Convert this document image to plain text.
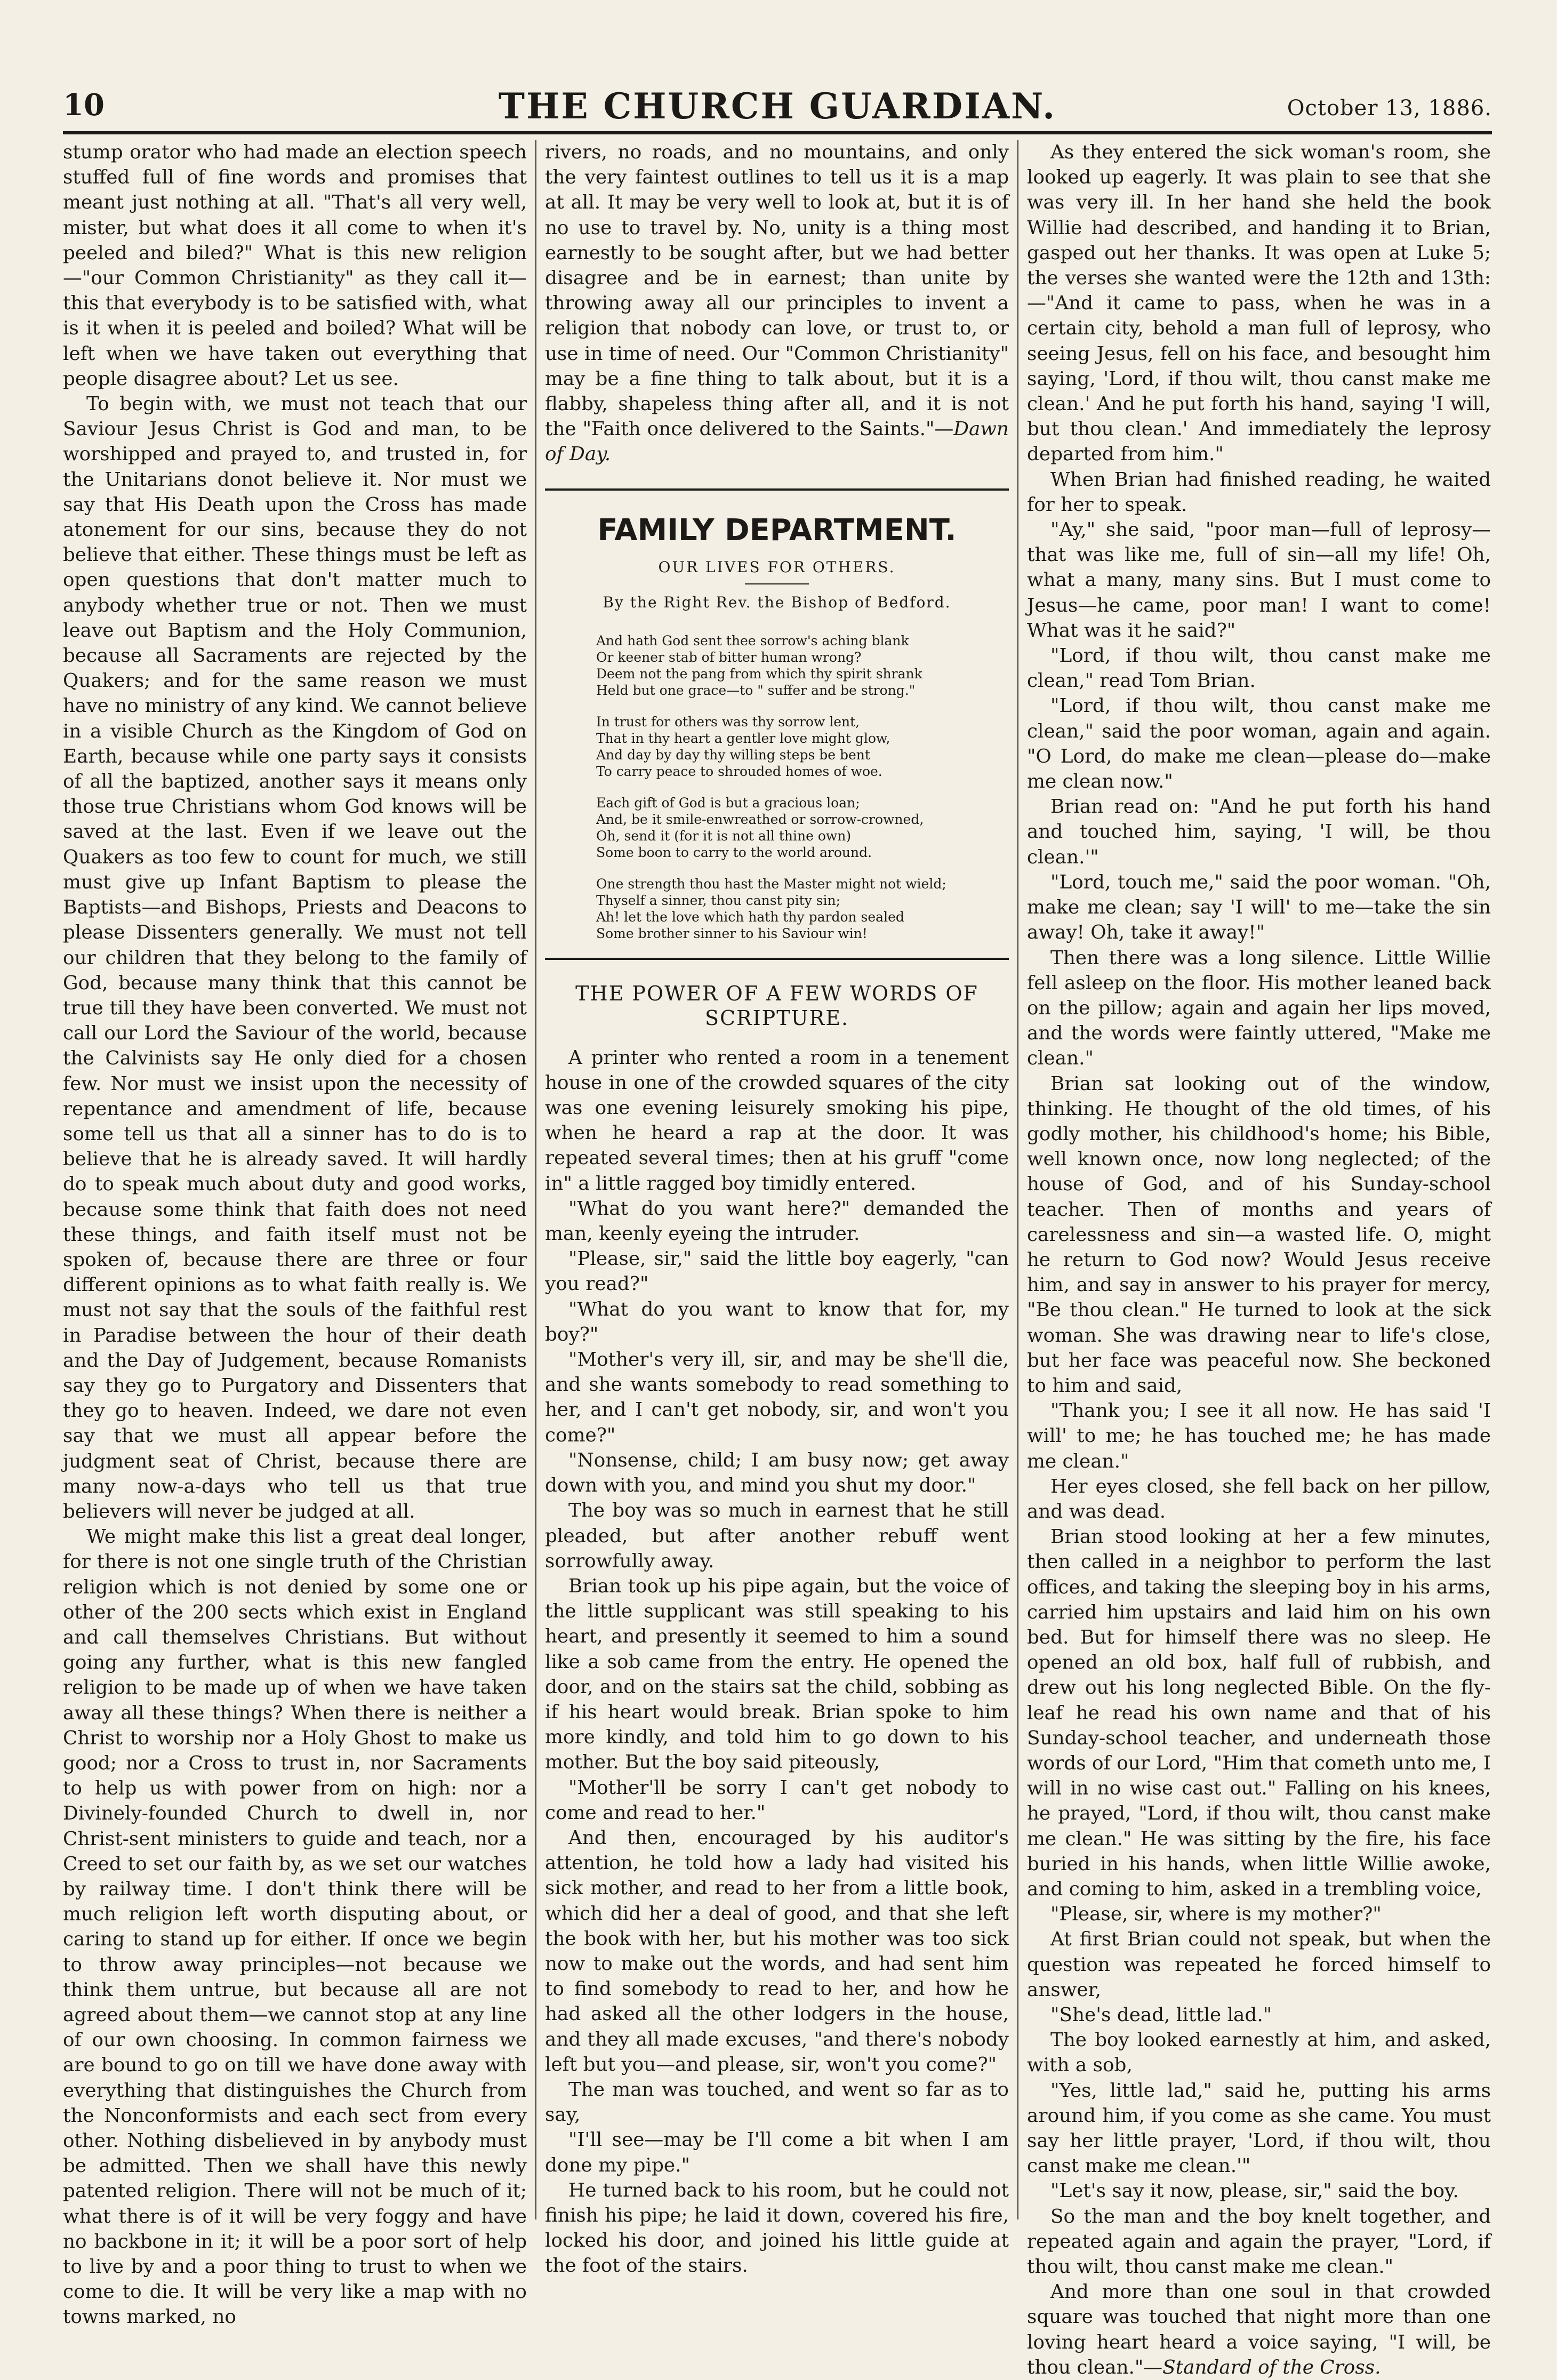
10	THE CHURCH GUARDIAN.	October 13, 1886.

stump orator who had made an election speech stuffed full of fine words and promises that meant just nothing at all. "That's all very well, mister, but what does it all come to when it's peeled and biled?" What is this new religion—"our Common Christianity" as they call it—this that everybody is to be satisfied with, what is it when it is peeled and boiled? What will be left when we have taken out everything that people disagree about? Let us see.

To begin with, we must not teach that our Saviour Jesus Christ is God and man, to be worshipped and prayed to, and trusted in, for the Unitarians donot believe it. Nor must we say that His Death upon the Cross has made atonement for our sins, because they do not believe that either. These things must be left as open questions that don't matter much to anybody whether true or not. Then we must leave out Baptism and the Holy Communion, because all Sacraments are rejected by the Quakers; and for the same reason we must have no ministry of any kind. We cannot believe in a visible Church as the Kingdom of God on Earth, because while one party says it consists of all the baptized, another says it means only those true Christians whom God knows will be saved at the last. Even if we leave out the Quakers as too few to count for much, we still must give up Infant Baptism to please the Baptists—and Bishops, Priests and Deacons to please Dissenters generally. We must not tell our children that they belong to the family of God, because many think that this cannot be true till they have been converted. We must not call our Lord the Saviour of the world, because the Calvinists say He only died for a chosen few. Nor must we insist upon the necessity of repentance and amendment of life, because some tell us that all a sinner has to do is to believe that he is already saved. It will hardly do to speak much about duty and good works, because some think that faith does not need these things, and faith itself must not be spoken of, because there are three or four different opinions as to what faith really is. We must not say that the souls of the faithful rest in Paradise between the hour of their death and the Day of Judgement, because Romanists say they go to Purgatory and Dissenters that they go to heaven. Indeed, we dare not even say that we must all appear before the judgment seat of Christ, because there are many now-a-days who tell us that true believers will never be judged at all.

We might make this list a great deal longer, for there is not one single truth of the Christian religion which is not denied by some one or other of the 200 sects which exist in England and call themselves Christians. But without going any further, what is this new fangled religion to be made up of when we have taken away all these things? When there is neither a Christ to worship nor a Holy Ghost to make us good; nor a Cross to trust in, nor Sacraments to help us with power from on high: nor a Divinely-founded Church to dwell in, nor Christ-sent ministers to guide and teach, nor a Creed to set our faith by, as we set our watches by railway time. I don't think there will be much religion left worth disputing about, or caring to stand up for either. If once we begin to throw away principles—not because we think them untrue, but because all are not agreed about them—we cannot stop at any line of our own choosing. In common fairness we are bound to go on till we have done away with everything that distinguishes the Church from the Nonconformists and each sect from every other. Nothing disbelieved in by anybody must be admitted. Then we shall have this newly patented religion. There will not be much of it; what there is of it will be very foggy and have no backbone in it; it will be a poor sort of help to live by and a poor thing to trust to when we come to die. It will be very like a map with no towns marked, no

rivers, no roads, and no mountains, and only the very faintest outlines to tell us it is a map at all. It may be very well to look at, but it is of no use to travel by. No, unity is a thing most earnestly to be sought after, but we had better disagree and be in earnest; than unite by throwing away all our principles to invent a religion that nobody can love, or trust to, or use in time of need. Our "Common Christianity" may be a fine thing to talk about, but it is a flabby, shapeless thing after all, and it is not the "Faith once delivered to the Saints."—Dawn of Day.

FAMILY DEPARTMENT.
OUR LIVES FOR OTHERS.
By the Right Rev. the Bishop of Bedford.
And hath God sent thee sorrow's aching blank
Or keener stab of bitter human wrong?
Deem not the pang from which thy spirit shrank
Held but one grace—to " suffer and be strong."
In trust for others was thy sorrow lent,
That in thy heart a gentler love might glow,
And day by day thy willing steps be bent
To carry peace to shrouded homes of woe.
Each gift of God is but a gracious loan;
And, be it smile-enwreathed or sorrow-crowned,
Oh, send it (for it is not all thine own)
Some boon to carry to the world around.
One strength thou hast the Master might not wield;
Thyself a sinner, thou canst pity sin;
Ah! let the love which hath thy pardon sealed
Some brother sinner to his Saviour win!
THE POWER OF A FEW WORDS OF
SCRIPTURE.

A printer who rented a room in a tenement house in one of the crowded squares of the city was one evening leisurely smoking his pipe, when he heard a rap at the door. It was repeated several times; then at his gruff "come in" a little ragged boy timidly entered.

"What do you want here?" demanded the man, keenly eyeing the intruder.

"Please, sir," said the little boy eagerly, "can you read?"

"What do you want to know that for, my boy?"

"Mother's very ill, sir, and may be she'll die, and she wants somebody to read something to her, and I can't get nobody, sir, and won't you come?"

"Nonsense, child; I am busy now; get away down with you, and mind you shut my door."

The boy was so much in earnest that he still pleaded, but after another rebuff went sorrowfully away.

Brian took up his pipe again, but the voice of the little supplicant was still speaking to his heart, and presently it seemed to him a sound like a sob came from the entry. He opened the door, and on the stairs sat the child, sobbing as if his heart would break. Brian spoke to him more kindly, and told him to go down to his mother. But the boy said piteously,

"Mother'll be sorry I can't get nobody to come and read to her."

And then, encouraged by his auditor's attention, he told how a lady had visited his sick mother, and read to her from a little book, which did her a deal of good, and that she left the book with her, but his mother was too sick now to make out the words, and had sent him to find somebody to read to her, and how he had asked all the other lodgers in the house, and they all made excuses, "and there's nobody left but you—and please, sir, won't you come?"

The man was touched, and went so far as to say,

"I'll see—may be I'll come a bit when I am done my pipe."

He turned back to his room, but he could not finish his pipe; he laid it down, covered his fire, locked his door, and joined his little guide at the foot of the stairs.

As they entered the sick woman's room, she looked up eagerly. It was plain to see that she was very ill. In her hand she held the book Willie had described, and handing it to Brian, gasped out her thanks. It was open at Luke 5; the verses she wanted were the 12th and 13th:—"And it came to pass, when he was in a certain city, behold a man full of leprosy, who seeing Jesus, fell on his face, and besought him saying, 'Lord, if thou wilt, thou canst make me clean.' And he put forth his hand, saying 'I will, but thou clean.' And immediately the leprosy departed from him."

When Brian had finished reading, he waited for her to speak.

"Ay," she said, "poor man—full of leprosy—that was like me, full of sin—all my life! Oh, what a many, many sins. But I must come to Jesus—he came, poor man! I want to come! What was it he said?"

"Lord, if thou wilt, thou canst make me clean," read Tom Brian.

"Lord, if thou wilt, thou canst make me clean," said the poor woman, again and again. "O Lord, do make me clean—please do—make me clean now."

Brian read on: "And he put forth his hand and touched him, saying, 'I will, be thou clean.'"

"Lord, touch me," said the poor woman. "Oh, make me clean; say 'I will' to me—take the sin away! Oh, take it away!"

Then there was a long silence. Little Willie fell asleep on the floor. His mother leaned back on the pillow; again and again her lips moved, and the words were faintly uttered, "Make me clean."

Brian sat looking out of the window, thinking. He thought of the old times, of his godly mother, his childhood's home; his Bible, well known once, now long neglected; of the house of God, and of his Sunday-school teacher. Then of months and years of carelessness and sin—a wasted life. O, might he return to God now? Would Jesus receive him, and say in answer to his prayer for mercy, "Be thou clean." He turned to look at the sick woman. She was drawing near to life's close, but her face was peaceful now. She beckoned to him and said,

"Thank you; I see it all now. He has said 'I will' to me; he has touched me; he has made me clean."

Her eyes closed, she fell back on her pillow, and was dead.

Brian stood looking at her a few minutes, then called in a neighbor to perform the last offices, and taking the sleeping boy in his arms, carried him upstairs and laid him on his own bed. But for himself there was no sleep. He opened an old box, half full of rubbish, and drew out his long neglected Bible. On the fly-leaf he read his own name and that of his Sunday-school teacher, and underneath those words of our Lord, "Him that cometh unto me, I will in no wise cast out." Falling on his knees, he prayed, "Lord, if thou wilt, thou canst make me clean." He was sitting by the fire, his face buried in his hands, when little Willie awoke, and coming to him, asked in a trembling voice,

"Please, sir, where is my mother?"

At first Brian could not speak, but when the question was repeated he forced himself to answer,

"She's dead, little lad."

The boy looked earnestly at him, and asked, with a sob,

"Yes, little lad," said he, putting his arms around him, if you come as she came. You must say her little prayer, 'Lord, if thou wilt, thou canst make me clean.'"

"Let's say it now, please, sir," said the boy.

So the man and the boy knelt together, and repeated again and again the prayer, "Lord, if thou wilt, thou canst make me clean."

And more than one soul in that crowded square was touched that night more than one loving heart heard a voice saying, "I will, be thou clean."—Standard of the Cross.
